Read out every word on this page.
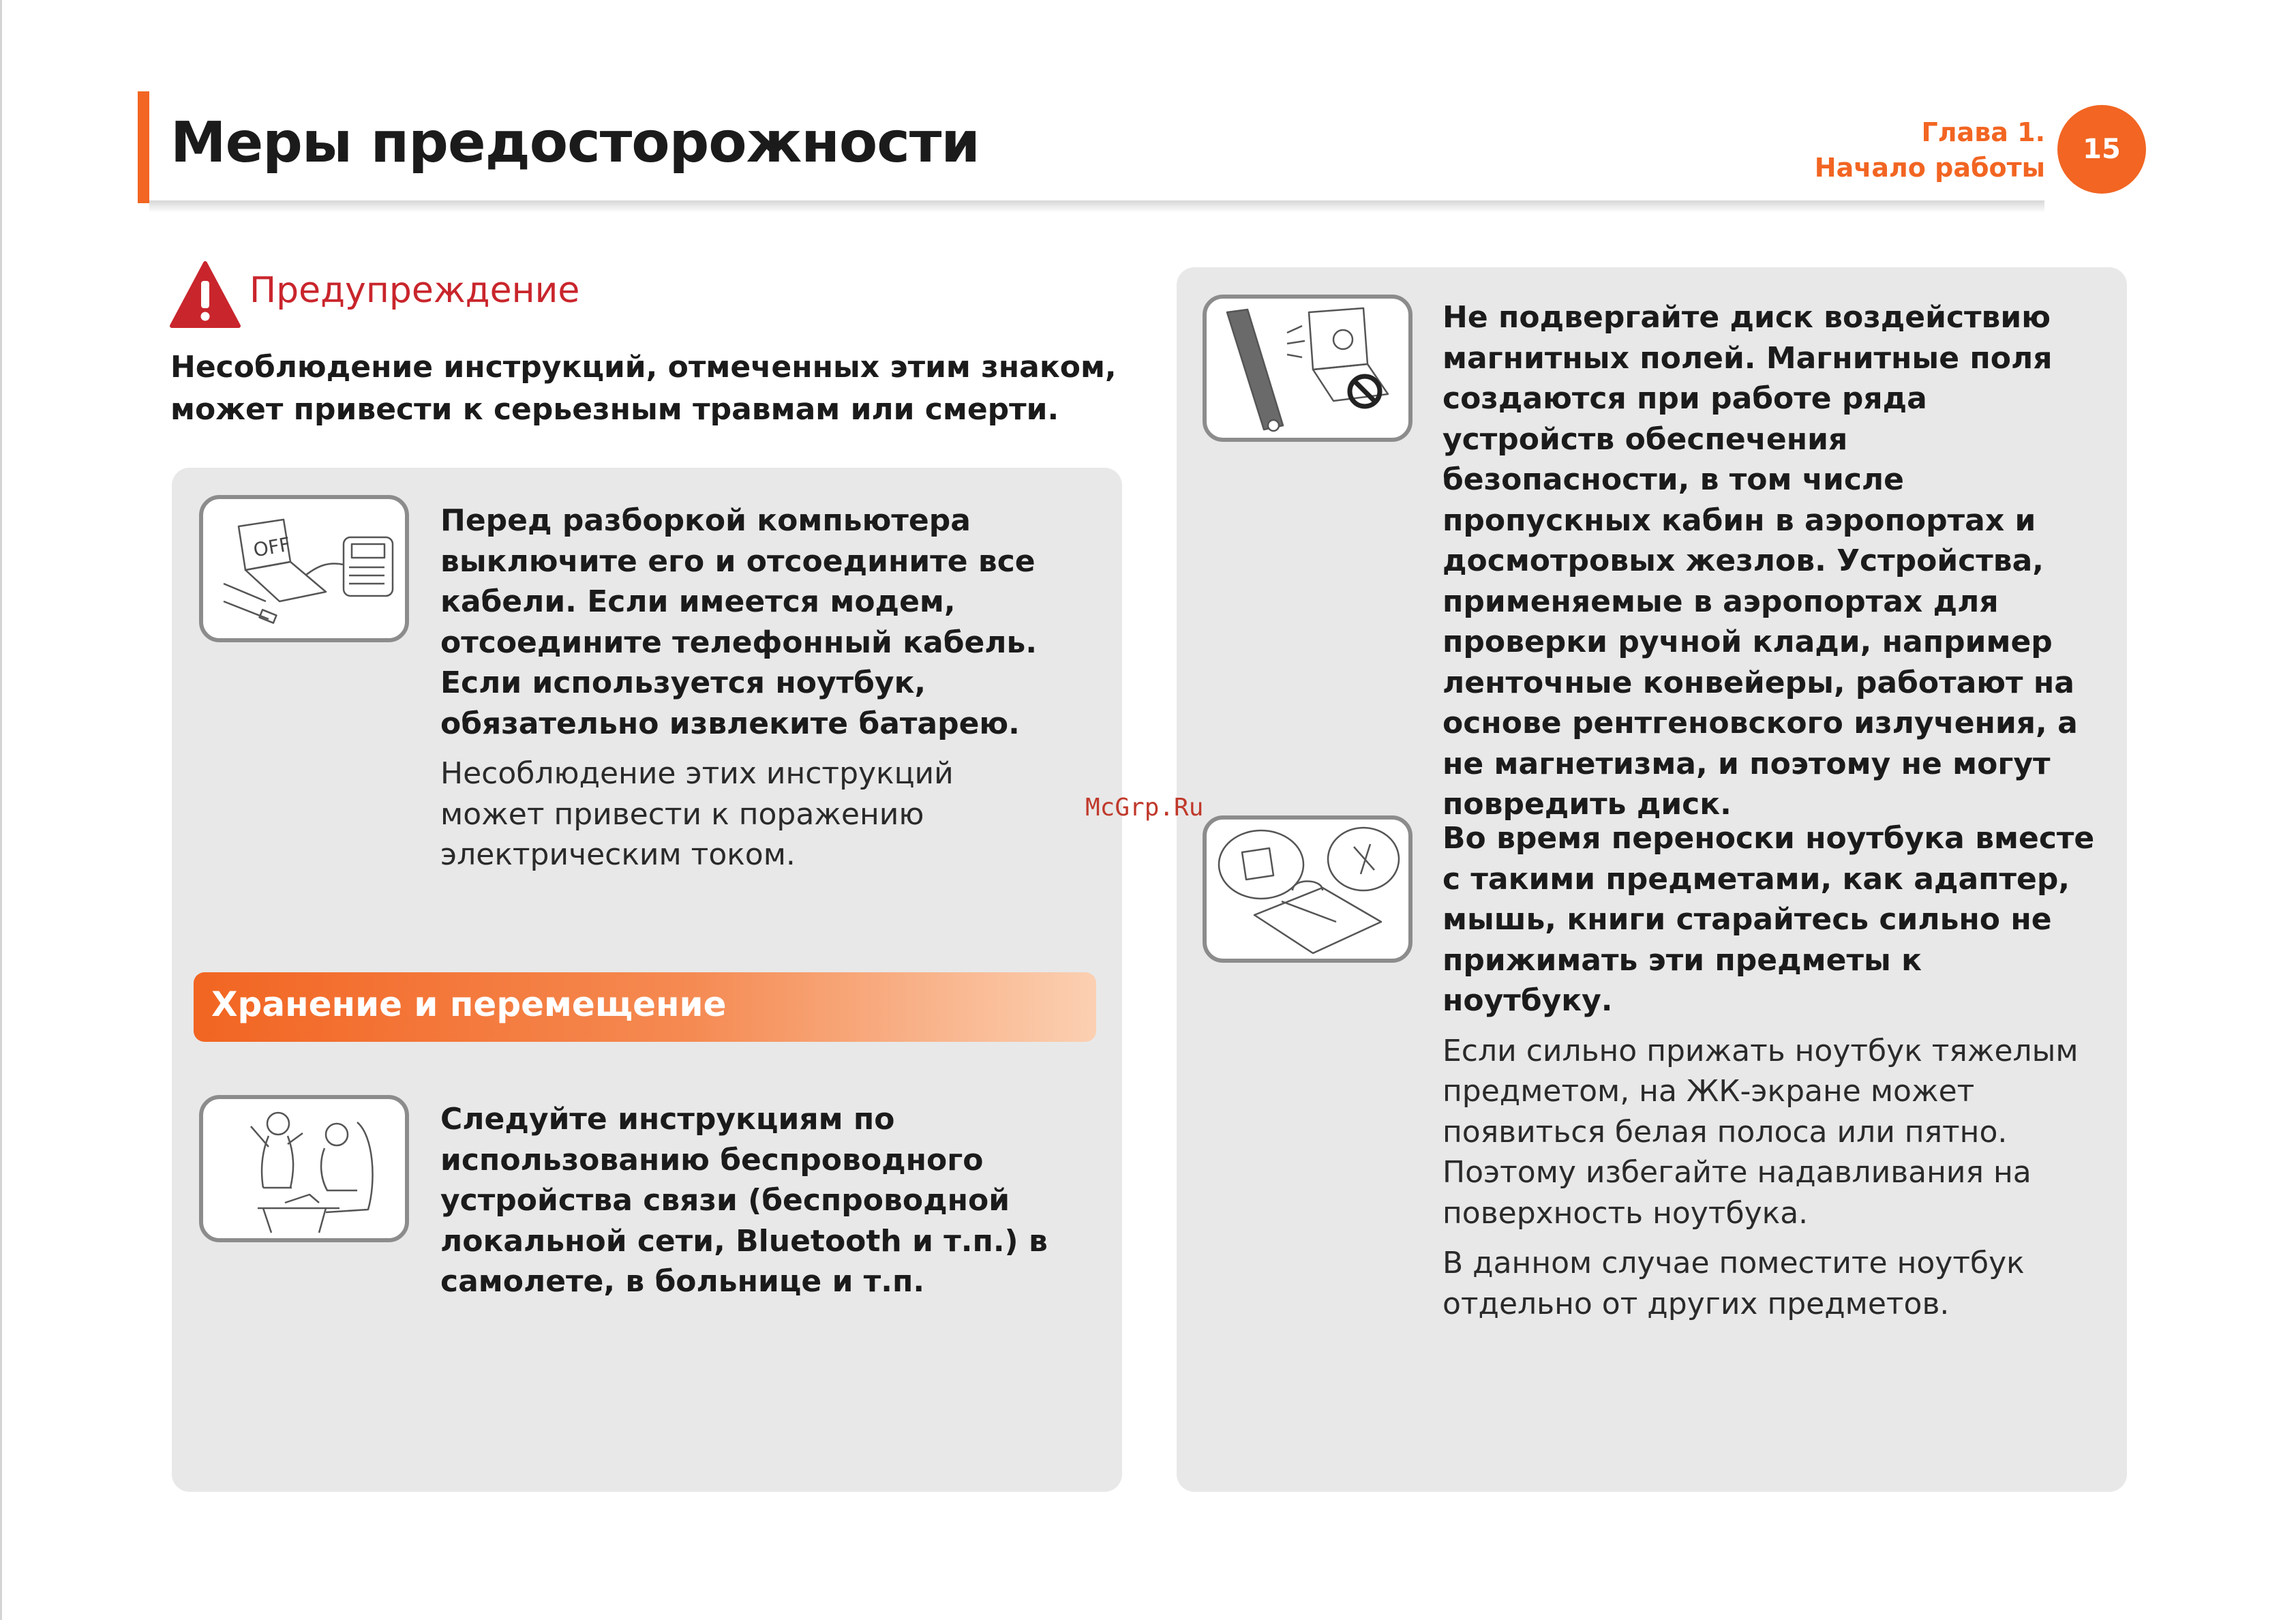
Меры предосторожности	Глава 1.
Начало работы
15
Предупреждение
Несоблюдение инструкций, отмеченных этим знаком, может привести к серьезным травмам или смерти.
OFF

Перед разборкой компьютера выключите его и отсоедините все кабели. Если имеется модем, отсоедините телефонный кабель. Если используется ноутбук, обязательно извлеките батарею.

Несоблюдение этих инструкций может привести к поражению электрическим током.

Хранение и перемещение

Следуйте инструкциям по использованию беспроводного устройства связи (беспроводной локальной сети, Bluetooth и т.п.) в самолете, в больнице и т.п.

Не подвергайте диск воздействию магнитных полей. Магнитные поля создаются при работе ряда устройств обеспечения безопасности, в том числе пропускных кабин в аэропортах и досмотровых жезлов. Устройства, применяемые в аэропортах для проверки ручной клади, например ленточные конвейеры, работают на основе рентгеновского излучения, а не магнетизма, и поэтому не могут повредить диск.

Во время переноски ноутбука вместе с такими предметами, как адаптер, мышь, книги старайтесь сильно не прижимать эти предметы к ноутбуку.

Если сильно прижать ноутбук тяжелым предметом, на ЖК-экране может появиться белая полоса или пятно. Поэтому избегайте надавливания на поверхность ноутбука.

В данном случае поместите ноутбук отдельно от других предметов.

McGrp.Ru
